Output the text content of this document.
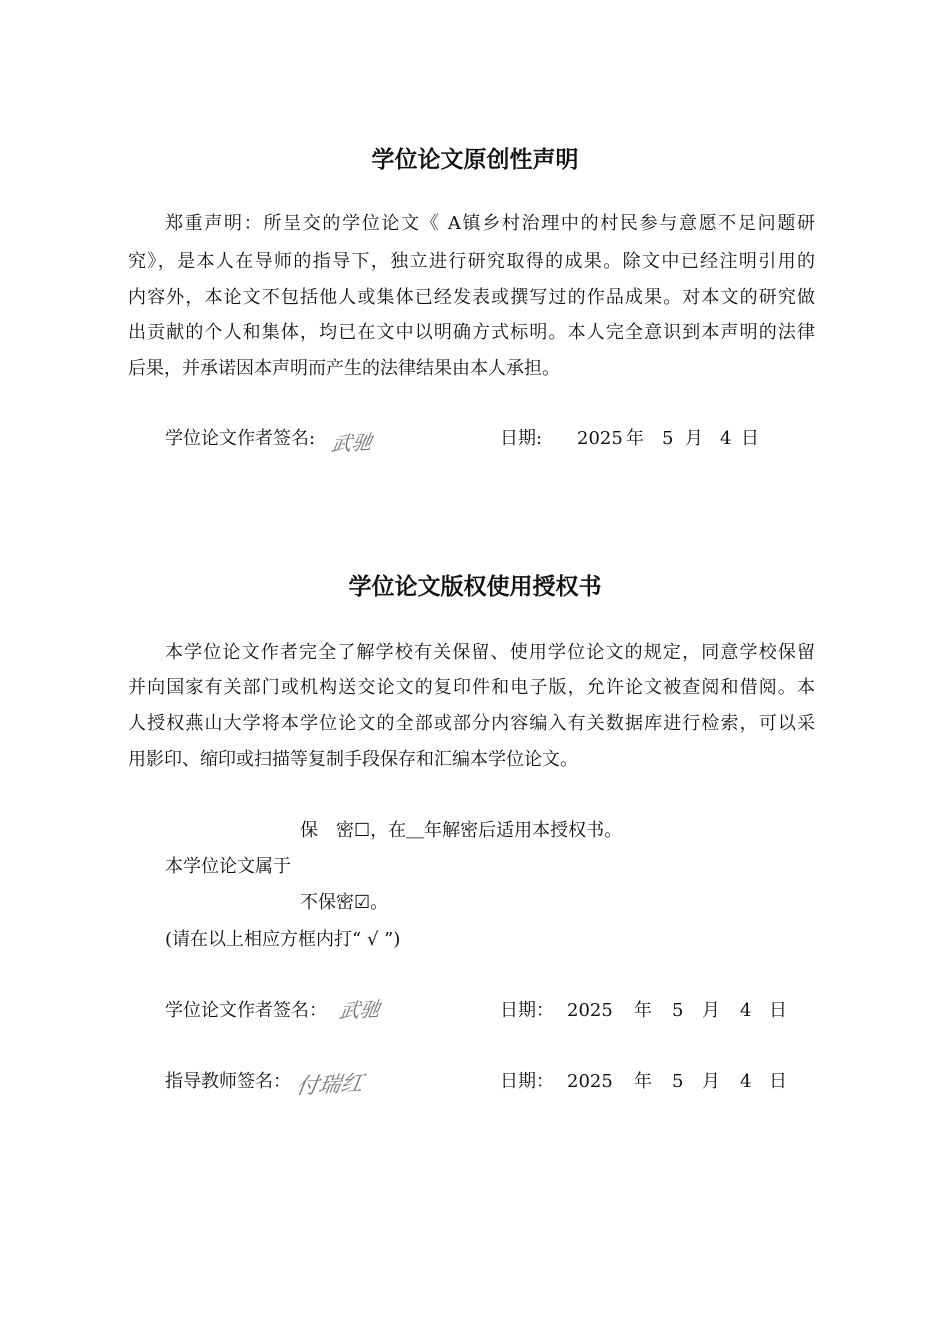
学位论文原创性声明
郑重声明：所呈交的学位论文《 A镇乡村治理中的村民参与意愿不足问题研
究》，是本人在导师的指导下，独立进行研究取得的成果。除文中已经注明引用的
内容外，本论文不包括他人或集体已经发表或撰写过的作品成果。对本文的研究做
出贡献的个人和集体，均已在文中以明确方式标明。本人完全意识到本声明的法律
后果，并承诺因本声明而产生的法律结果由本人承担。
学位论文作者签名: 武驰	日期: 2025 年 5 月 4 日
学位论文版权使用授权书
本学位论文作者完全了解学校有关保留、使用学位论文的规定，同意学校保留
并向国家有关部门或机构送交论文的复印件和电子版，允许论文被查阅和借阅。本
人授权燕山大学将本学位论文的全部或部分内容编入有关数据库进行检索，可以采
用影印、缩印或扫描等复制手段保存和汇编本学位论文。
保　密☐，在＿年解密后适用本授权书。
本学位论文属于
不保密☑。
(请在以上相应方框内打“ √ ”)
学位论文作者签名： 武驰	日期： 2025 年 5 月 4 日
指导教师签名： 付瑞红	日期： 2025 年 5 月 4 日
